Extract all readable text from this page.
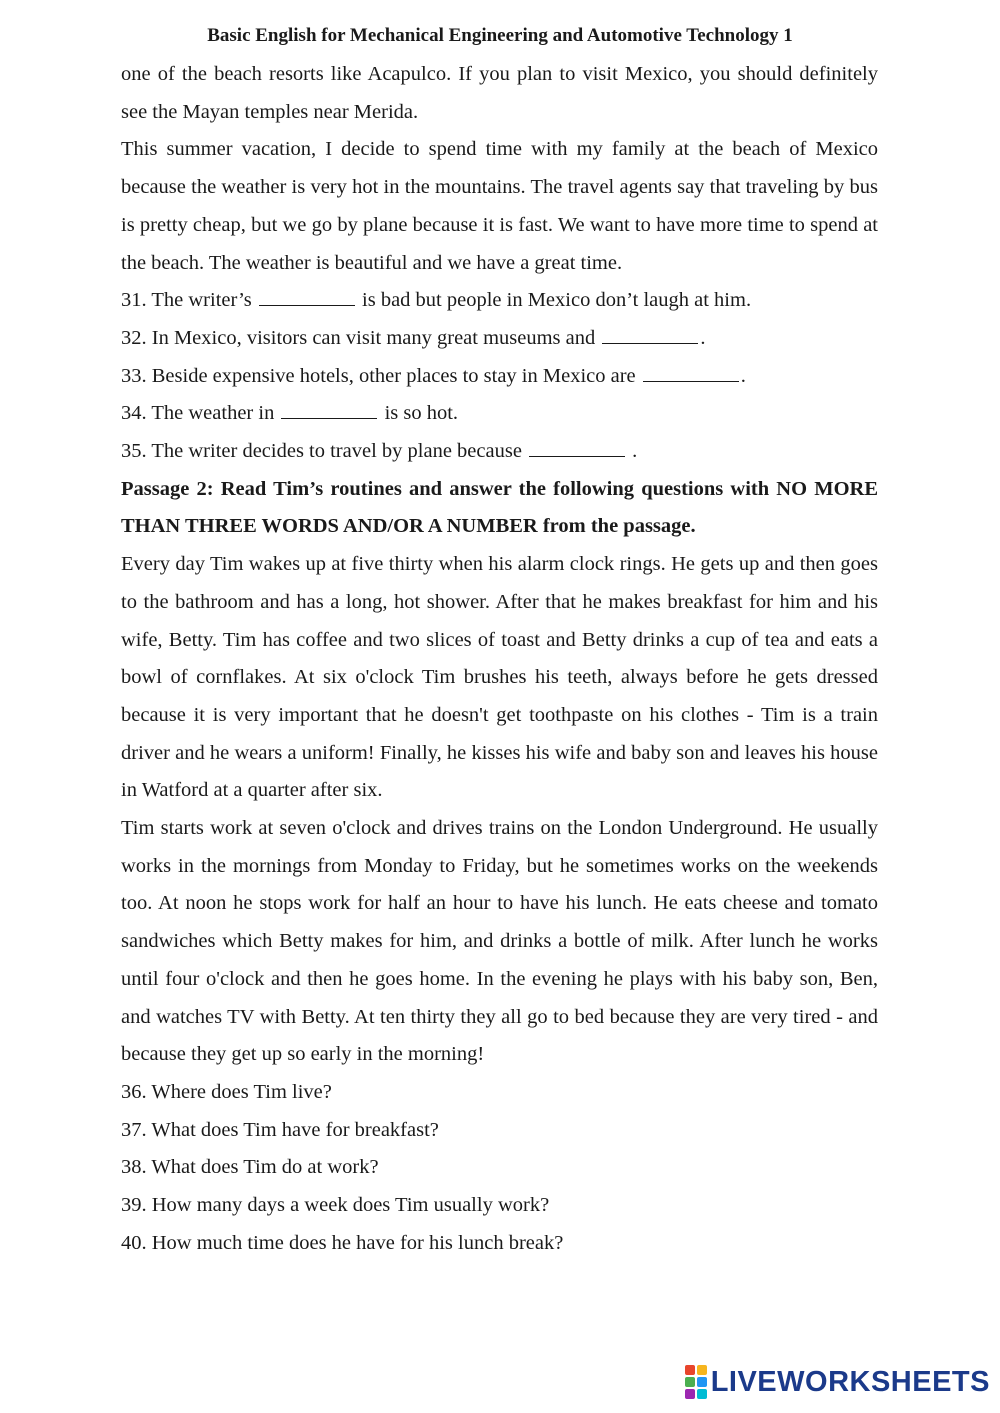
Basic English for Mechanical Engineering and Automotive Technology 1

one of the beach resorts like Acapulco. If you plan to visit Mexico, you should definitely see the Mayan temples near Merida.

This summer vacation, I decide to spend time with my family at the beach of Mexico because the weather is very hot in the mountains. The travel agents say that traveling by bus is pretty cheap, but we go by plane because it is fast. We want to have more time to spend at the beach. The weather is beautiful and we have a great time.

31. The writer’s	is bad but people in Mexico don’t laugh at him.

32. In Mexico, visitors can visit many great museums and	.

33. Beside expensive hotels, other places to stay in Mexico are	.

34. The weather in	is so hot.

35. The writer decides to travel by plane because	.

Passage 2: Read Tim’s routines and answer the following questions with NO MORE THAN THREE WORDS AND/OR A NUMBER from the passage.

Every day Tim wakes up at five thirty when his alarm clock rings. He gets up and then goes to the bathroom and has a long, hot shower. After that he makes breakfast for him and his wife, Betty. Tim has coffee and two slices of toast and Betty drinks a cup of tea and eats a bowl of cornflakes. At six o'clock Tim brushes his teeth, always before he gets dressed because it is very important that he doesn't get toothpaste on his clothes - Tim is a train driver and he wears a uniform! Finally, he kisses his wife and baby son and leaves his house in Watford at a quarter after six.

Tim starts work at seven o'clock and drives trains on the London Underground. He usually works in the mornings from Monday to Friday, but he sometimes works on the weekends too. At noon he stops work for half an hour to have his lunch. He eats cheese and tomato sandwiches which Betty makes for him, and drinks a bottle of milk. After lunch he works until four o'clock and then he goes home. In the evening he plays with his baby son, Ben, and watches TV with Betty. At ten thirty they all go to bed because they are very tired - and because they get up so early in the morning!

36. Where does Tim live?

37. What does Tim have for breakfast?

38. What does Tim do at work?

39. How many days a week does Tim usually work?

40. How much time does he have for his lunch break?

LIVEWORKSHEETS
